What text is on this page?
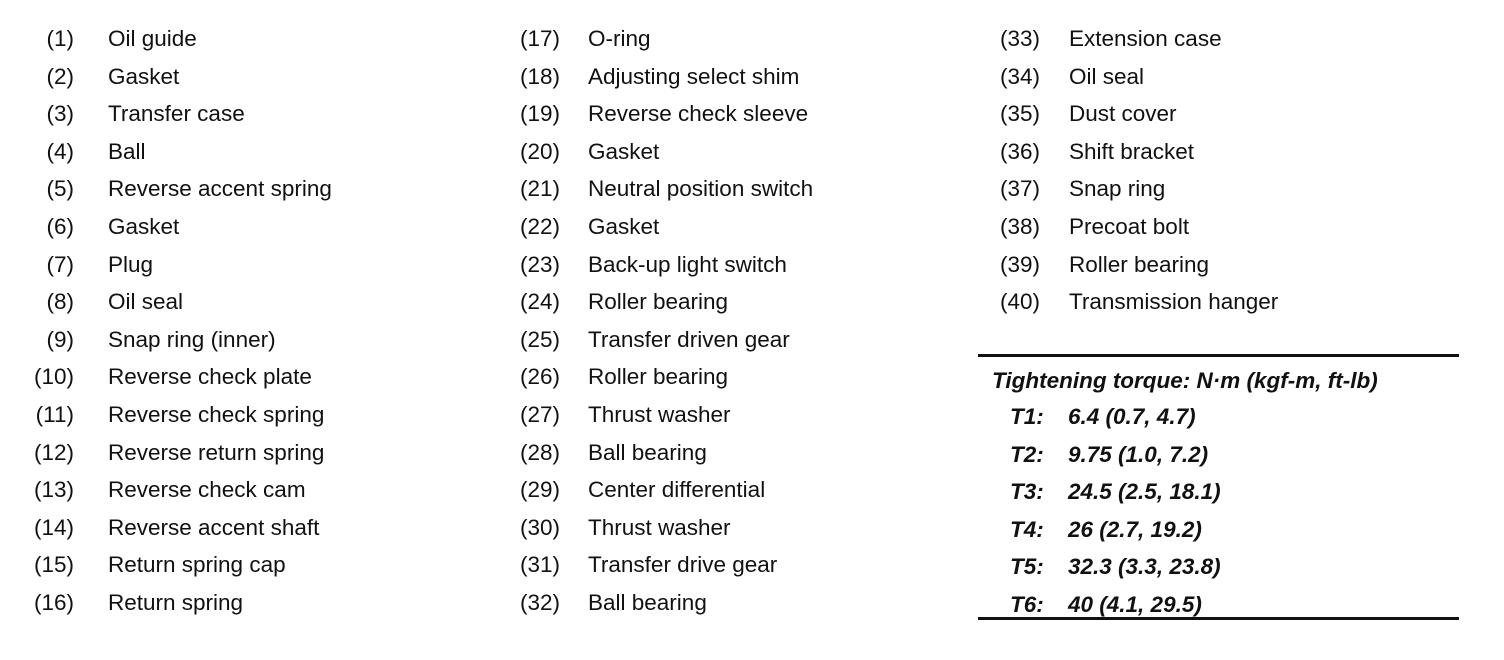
(1) Oil guide
(2) Gasket
(3) Transfer case
(4) Ball
(5) Reverse accent spring
(6) Gasket
(7) Plug
(8) Oil seal
(9) Snap ring (inner)
(10) Reverse check plate
(11) Reverse check spring
(12) Reverse return spring
(13) Reverse check cam
(14) Reverse accent shaft
(15) Return spring cap
(16) Return spring
(17) O-ring
(18) Adjusting select shim
(19) Reverse check sleeve
(20) Gasket
(21) Neutral position switch
(22) Gasket
(23) Back-up light switch
(24) Roller bearing
(25) Transfer driven gear
(26) Roller bearing
(27) Thrust washer
(28) Ball bearing
(29) Center differential
(30) Thrust washer
(31) Transfer drive gear
(32) Ball bearing
(33) Extension case
(34) Oil seal
(35) Dust cover
(36) Shift bracket
(37) Snap ring
(38) Precoat bolt
(39) Roller bearing
(40) Transmission hanger
Tightening torque: N·m (kgf-m, ft-lb)
T1: 6.4 (0.7, 4.7)
T2: 9.75 (1.0, 7.2)
T3: 24.5 (2.5, 18.1)
T4: 26 (2.7, 19.2)
T5: 32.3 (3.3, 23.8)
T6: 40 (4.1, 29.5)
